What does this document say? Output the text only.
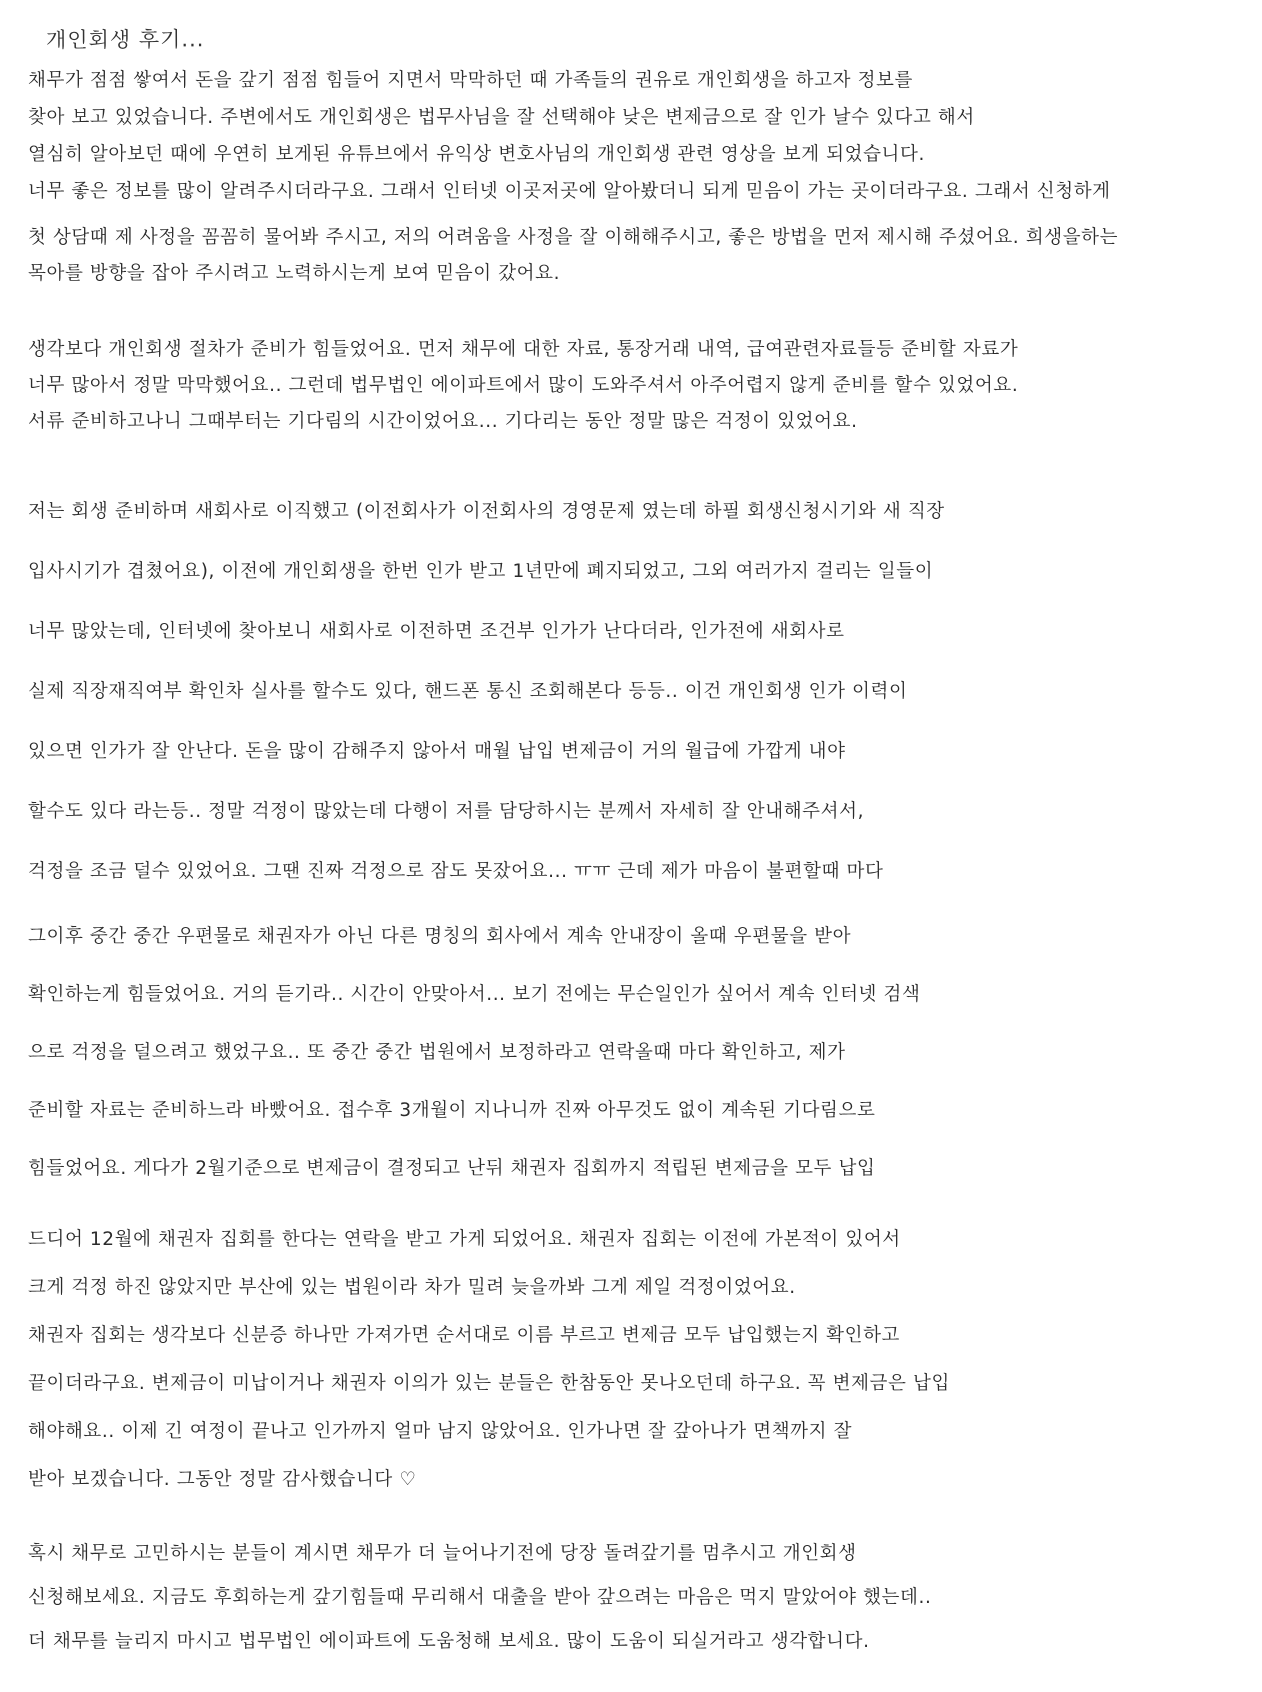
개인회생 후기...
채무가 점점 쌓여서 돈을 갚기 점점 힘들어 지면서 막막하던 때 가족들의 권유로 개인회생을 하고자 정보를
찾아 보고 있었습니다. 주변에서도 개인회생은 법무사님을 잘 선택해야 낮은 변제금으로 잘 인가 날수 있다고 해서
열심히 알아보던 때에 우연히 보게된 유튜브에서 유익상 변호사님의 개인회생 관련 영상을 보게 되었습니다.
너무 좋은 정보를 많이 알려주시더라구요. 그래서 인터넷 이곳저곳에 알아봤더니 되게 믿음이 가는 곳이더라구요. 그래서 신청하게

첫 상담때 제 사정을 꼼꼼히 물어봐 주시고, 저의 어려움을 사정을 잘 이해해주시고, 좋은 방법을 먼저 제시해 주셨어요. 희생을하는
목아를 방향을 잡아 주시려고 노력하시는게 보여 믿음이 갔어요.
생각보다 개인회생 절차가 준비가 힘들었어요. 먼저 채무에 대한 자료, 통장거래 내역, 급여관련자료들등 준비할 자료가
너무 많아서 정말 막막했어요.. 그런데 법무법인 에이파트에서 많이 도와주셔서 아주어렵지 않게 준비를 할수 있었어요.
서류 준비하고나니 그때부터는 기다림의 시간이었어요... 기다리는 동안 정말 많은 걱정이 있었어요.
저는 회생 준비하며 새회사로 이직했고 (이전회사가 이전회사의 경영문제 였는데 하필 회생신청시기와 새 직장
입사시기가 겹쳤어요), 이전에 개인회생을 한번 인가 받고 1년만에 폐지되었고, 그외 여러가지 걸리는 일들이
너무 많았는데, 인터넷에 찾아보니 새회사로 이전하면 조건부 인가가 난다더라, 인가전에 새회사로
실제 직장재직여부 확인차 실사를 할수도 있다, 핸드폰 통신 조회해본다 등등.. 이건 개인회생 인가 이력이
있으면 인가가 잘 안난다. 돈을 많이 감해주지 않아서 매월 납입 변제금이 거의 월급에 가깝게 내야
할수도 있다 라는등.. 정말 걱정이 많았는데 다행이 저를 담당하시는 분께서 자세히 잘 안내해주셔서,
걱정을 조금 덜수 있었어요. 그땐 진짜 걱정으로 잠도 못잤어요... ㅠㅠ 근데 제가 마음이 불편할때 마다

그이후 중간 중간 우편물로 채권자가 아닌 다른 명칭의 회사에서 계속 안내장이 올때 우편물을 받아
확인하는게 힘들었어요. 거의 듣기라.. 시간이 안맞아서... 보기 전에는 무슨일인가 싶어서 계속 인터넷 검색
으로 걱정을 덜으려고 했었구요.. 또 중간 중간 법원에서 보정하라고 연락올때 마다 확인하고, 제가
준비할 자료는 준비하느라 바빴어요. 접수후 3개월이 지나니까 진짜 아무것도 없이 계속된 기다림으로
힘들었어요. 게다가 2월기준으로 변제금이 결정되고 난뒤 채권자 집회까지 적립된 변제금을 모두 납입

드디어 12월에 채권자 집회를 한다는 연락을 받고 가게 되었어요. 채권자 집회는 이전에 가본적이 있어서
크게 걱정 하진 않았지만 부산에 있는 법원이라 차가 밀려 늦을까봐 그게 제일 걱정이었어요.
채권자 집회는 생각보다 신분증 하나만 가져가면 순서대로 이름 부르고 변제금 모두 납입했는지 확인하고
끝이더라구요. 변제금이 미납이거나 채권자 이의가 있는 분들은 한참동안 못나오던데 하구요. 꼭 변제금은 납입
해야해요.. 이제 긴 여정이 끝나고 인가까지 얼마 남지 않았어요. 인가나면 잘 갚아나가 면책까지 잘
받아 보겠습니다. 그동안 정말 감사했습니다 ♡
혹시 채무로 고민하시는 분들이 계시면 채무가 더 늘어나기전에 당장 돌려갚기를 멈추시고 개인회생
신청해보세요. 지금도 후회하는게 갚기힘들때 무리해서 대출을 받아 갚으려는 마음은 먹지 말았어야 했는데..
더 채무를 늘리지 마시고 법무법인 에이파트에 도움청해 보세요. 많이 도움이 되실거라고 생각합니다.
